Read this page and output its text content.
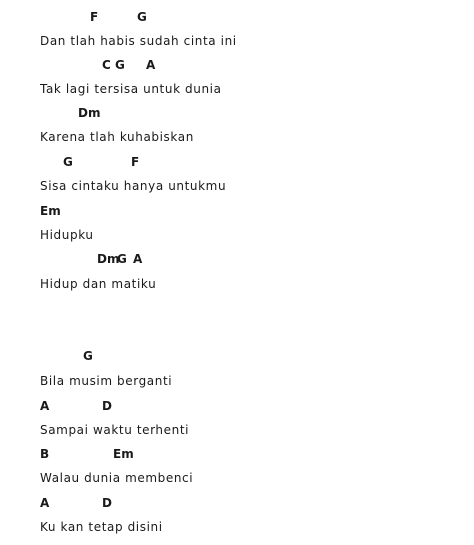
F	G
Dan tlah habis sudah cinta ini
C G A
Tak lagi tersisa untuk dunia
Dm
Karena tlah kuhabiskan
G	F
Sisa cintaku hanya untukmu
Em
Hidupku
Dm
G A
Hidup dan matiku
G
Bila musim berganti
A	D
Sampai waktu terhenti
B	Em
Walau dunia membenci
A	D
Ku kan tetap disini
